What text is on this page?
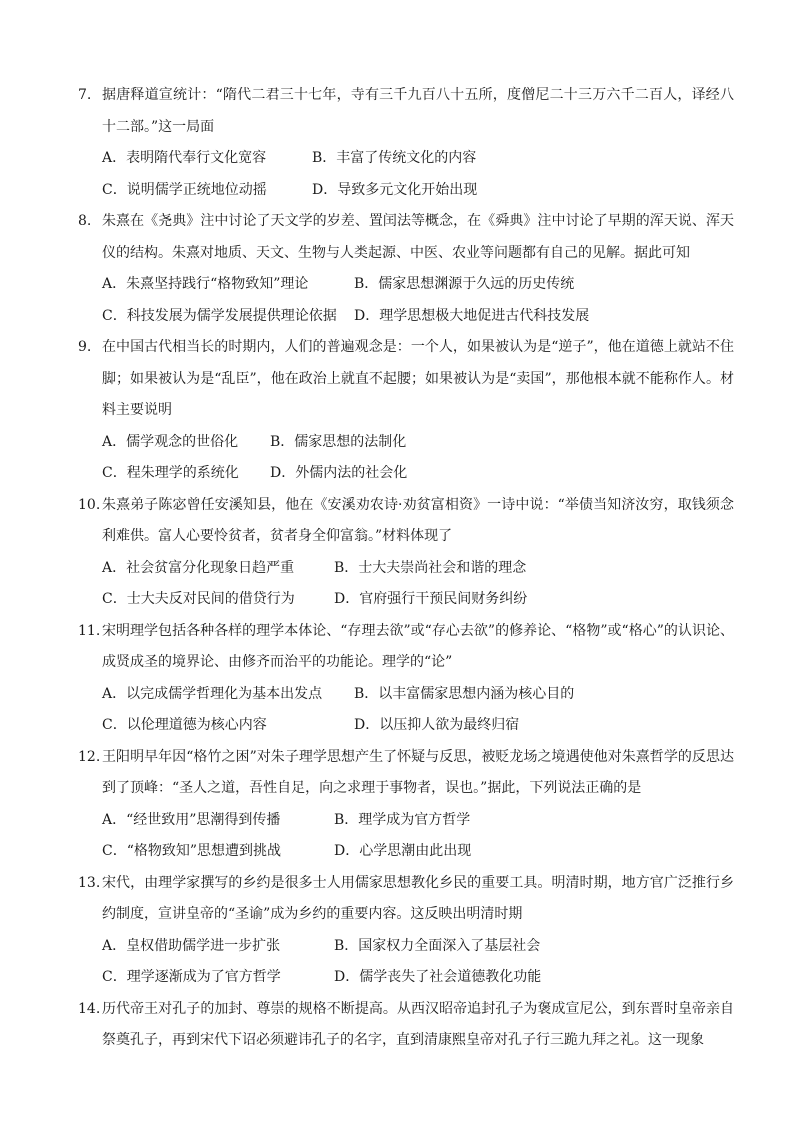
7. 据唐释道宣统计：“隋代二君三十七年，寺有三千九百八十五所，度僧尼二十三万六千二百人，译经八十二部。”这一局面
A．表明隋代奉行文化宽容	B．丰富了传统文化的内容
C．说明儒学正统地位动摇	D．导致多元文化开始出现
8. 朱熹在《尧典》注中讨论了天文学的岁差、置闰法等概念，在《舜典》注中讨论了早期的浑天说、浑天仪的结构。朱熹对地质、天文、生物与人类起源、中医、农业等问题都有自己的见解。据此可知
A．朱熹坚持践行“格物致知”理论	B．儒家思想渊源于久远的历史传统
C．科技发展为儒学发展提供理论依据	D．理学思想极大地促进古代科技发展
9. 在中国古代相当长的时期内，人们的普遍观念是：一个人，如果被认为是“逆子”，他在道德上就站不住脚；如果被认为是“乱臣”，他在政治上就直不起腰；如果被认为是“卖国”，那他根本就不能称作人。材料主要说明
A．儒学观念的世俗化	B．儒家思想的法制化
C．程朱理学的系统化	D．外儒内法的社会化
10. 朱熹弟子陈宓曾任安溪知县，他在《安溪劝农诗·劝贫富相资》一诗中说：“举债当知济汝穷，取钱须念利难供。富人心要怜贫者，贫者身全仰富翁。”材料体现了
A．社会贫富分化现象日趋严重	B．士大夫崇尚社会和谐的理念
C．士大夫反对民间的借贷行为	D．官府强行干预民间财务纠纷
11. 宋明理学包括各种各样的理学本体论、“存理去欲”或“存心去欲”的修养论、“格物”或“格心”的认识论、成贤成圣的境界论、由修齐而治平的功能论。理学的“论”
A．以完成儒学哲理化为基本出发点	B．以丰富儒家思想内涵为核心目的
C．以伦理道德为核心内容	D．以压抑人欲为最终归宿
12. 王阳明早年因“格竹之困”对朱子理学思想产生了怀疑与反思，被贬龙场之境遇使他对朱熹哲学的反思达到了顶峰：“圣人之道，吾性自足，向之求理于事物者，误也。”据此，下列说法正确的是
A．“经世致用”思潮得到传播	B．理学成为官方哲学
C．“格物致知”思想遭到挑战	D．心学思潮由此出现
13. 宋代，由理学家撰写的乡约是很多士人用儒家思想教化乡民的重要工具。明清时期，地方官广泛推行乡约制度，宣讲皇帝的“圣谕”成为乡约的重要内容。这反映出明清时期
A．皇权借助儒学进一步扩张	B．国家权力全面深入了基层社会
C．理学逐渐成为了官方哲学	D．儒学丧失了社会道德教化功能
14. 历代帝王对孔子的加封、尊崇的规格不断提高。从西汉昭帝追封孔子为褒成宣尼公，到东晋时皇帝亲自祭奠孔子，再到宋代下诏必须避讳孔子的名字，直到清康熙皇帝对孔子行三跪九拜之礼。这一现象
